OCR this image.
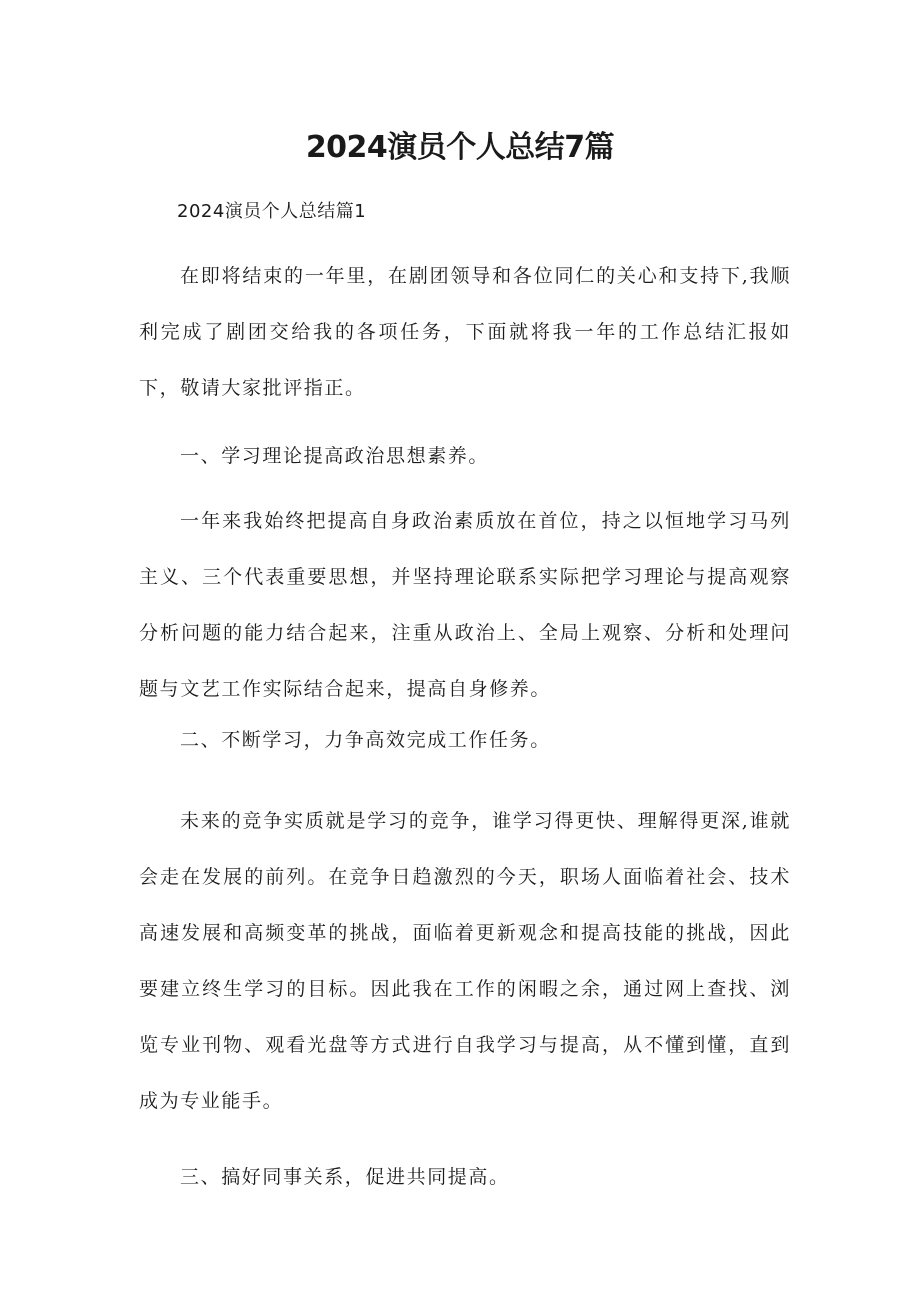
2024演员个人总结7篇

2024演员个人总结篇1

在即将结束的一年里，在剧团领导和各位同仁的关心和支持下,我顺利完成了剧团交给我的各项任务，下面就将我一年的工作总结汇报如下，敬请大家批评指正。

一、学习理论提高政治思想素养。

一年来我始终把提高自身政治素质放在首位，持之以恒地学习马列主义、三个代表重要思想，并坚持理论联系实际把学习理论与提高观察分析问题的能力结合起来，注重从政治上、全局上观察、分析和处理问题与文艺工作实际结合起来，提高自身修养。

二、不断学习，力争高效完成工作任务。

未来的竞争实质就是学习的竞争，谁学习得更快、理解得更深,谁就会走在发展的前列。在竞争日趋激烈的今天，职场人面临着社会、技术高速发展和高频变革的挑战，面临着更新观念和提高技能的挑战，因此要建立终生学习的目标。因此我在工作的闲暇之余，通过网上查找、浏览专业刊物、观看光盘等方式进行自我学习与提高，从不懂到懂，直到成为专业能手。

三、搞好同事关系，促进共同提高。
